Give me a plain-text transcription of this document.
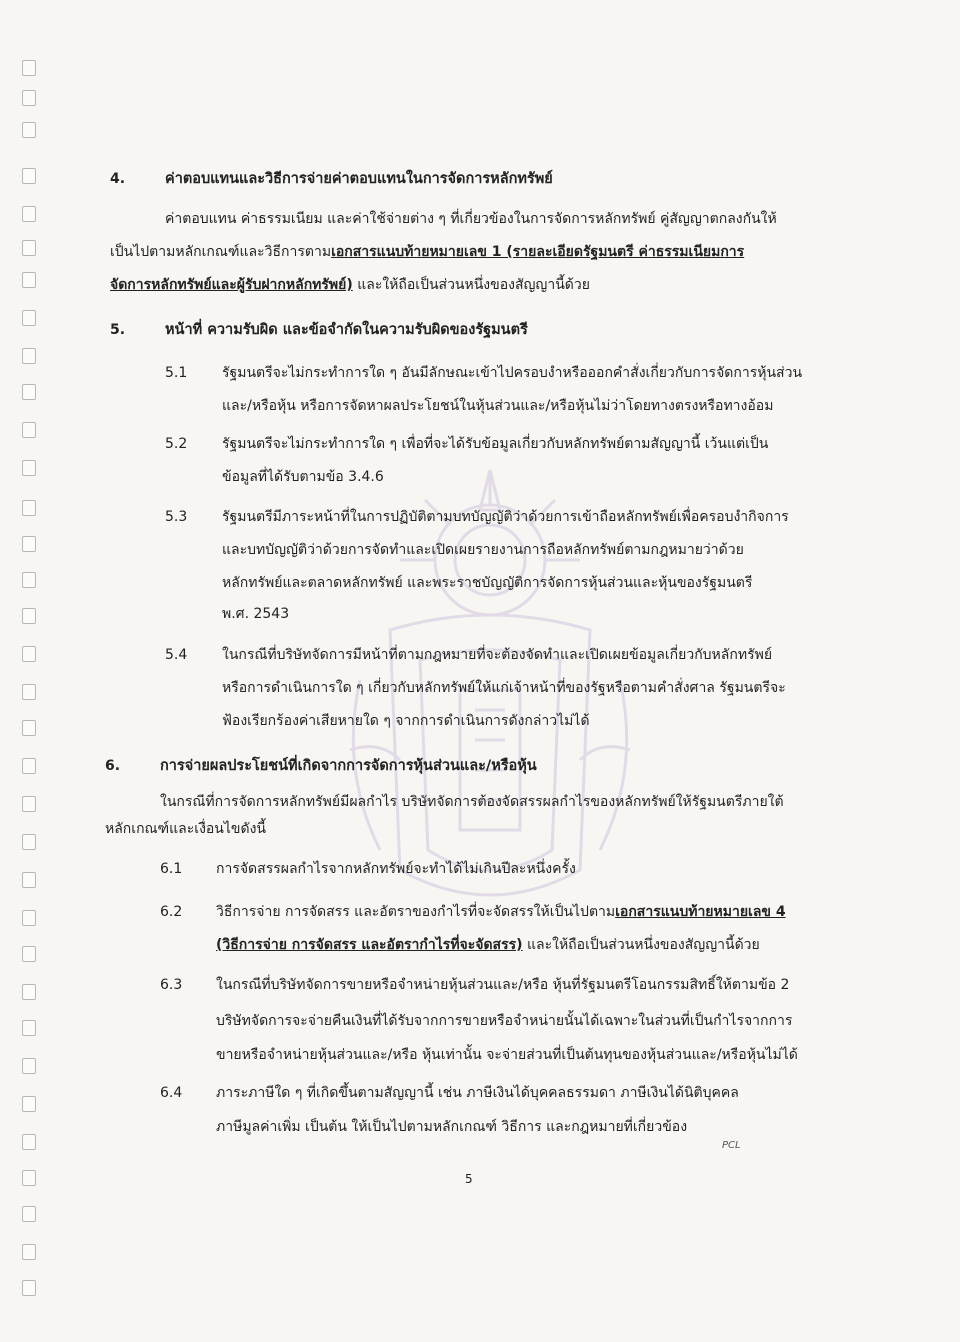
4.	ค่าตอบแทนและวิธีการจ่ายค่าตอบแทนในการจัดการหลักทรัพย์
ค่าตอบแทน ค่าธรรมเนียม และค่าใช้จ่ายต่าง ๆ ที่เกี่ยวข้องในการจัดการหลักทรัพย์ คู่สัญญาตกลงกันให้
เป็นไปตามหลักเกณฑ์และวิธีการตามเอกสารแนบท้ายหมายเลข 1 (รายละเอียดรัฐมนตรี ค่าธรรมเนียมการ
จัดการหลักทรัพย์และผู้รับฝากหลักทรัพย์) และให้ถือเป็นส่วนหนึ่งของสัญญานี้ด้วย
5.	หน้าที่ ความรับผิด และข้อจำกัดในความรับผิดของรัฐมนตรี
5.1 รัฐมนตรีจะไม่กระทำการใด ๆ อันมีลักษณะเข้าไปครอบงำหรือออกคำสั่งเกี่ยวกับการจัดการหุ้นส่วน
และ/หรือหุ้น หรือการจัดหาผลประโยชน์ในหุ้นส่วนและ/หรือหุ้นไม่ว่าโดยทางตรงหรือทางอ้อม
5.2 รัฐมนตรีจะไม่กระทำการใด ๆ เพื่อที่จะได้รับข้อมูลเกี่ยวกับหลักทรัพย์ตามสัญญานี้ เว้นแต่เป็น
ข้อมูลที่ได้รับตามข้อ 3.4.6
5.3 รัฐมนตรีมีภาระหน้าที่ในการปฏิบัติตามบทบัญญัติว่าด้วยการเข้าถือหลักทรัพย์เพื่อครอบงำกิจการ
และบทบัญญัติว่าด้วยการจัดทำและเปิดเผยรายงานการถือหลักทรัพย์ตามกฎหมายว่าด้วย
หลักทรัพย์และตลาดหลักทรัพย์ และพระราชบัญญัติการจัดการหุ้นส่วนและหุ้นของรัฐมนตรี
พ.ศ. 2543
5.4 ในกรณีที่บริษัทจัดการมีหน้าที่ตามกฎหมายที่จะต้องจัดทำและเปิดเผยข้อมูลเกี่ยวกับหลักทรัพย์
หรือการดำเนินการใด ๆ เกี่ยวกับหลักทรัพย์ให้แก่เจ้าหน้าที่ของรัฐหรือตามคำสั่งศาล รัฐมนตรีจะ
ฟ้องเรียกร้องค่าเสียหายใด ๆ จากการดำเนินการดังกล่าวไม่ได้
6.	การจ่ายผลประโยชน์ที่เกิดจากการจัดการหุ้นส่วนและ/หรือหุ้น
ในกรณีที่การจัดการหลักทรัพย์มีผลกำไร บริษัทจัดการต้องจัดสรรผลกำไรของหลักทรัพย์ให้รัฐมนตรีภายใต้
หลักเกณฑ์และเงื่อนไขดังนี้
6.1 การจัดสรรผลกำไรจากหลักทรัพย์จะทำได้ไม่เกินปีละหนึ่งครั้ง
6.2 วิธีการจ่าย การจัดสรร และอัตราของกำไรที่จะจัดสรรให้เป็นไปตามเอกสารแนบท้ายหมายเลข 4
(วิธีการจ่าย การจัดสรร และอัตรากำไรที่จะจัดสรร) และให้ถือเป็นส่วนหนึ่งของสัญญานี้ด้วย
6.3 ในกรณีที่บริษัทจัดการขายหรือจำหน่ายหุ้นส่วนและ/หรือ หุ้นที่รัฐมนตรีโอนกรรมสิทธิ์ให้ตามข้อ 2
บริษัทจัดการจะจ่ายคืนเงินที่ได้รับจากการขายหรือจำหน่ายนั้นได้เฉพาะในส่วนที่เป็นกำไรจากการ
ขายหรือจำหน่ายหุ้นส่วนและ/หรือ หุ้นเท่านั้น จะจ่ายส่วนที่เป็นต้นทุนของหุ้นส่วนและ/หรือหุ้นไม่ได้
6.4 ภาระภาษีใด ๆ ที่เกิดขึ้นตามสัญญานี้ เช่น ภาษีเงินได้บุคคลธรรมดา ภาษีเงินได้นิติบุคคล
ภาษีมูลค่าเพิ่ม เป็นต้น ให้เป็นไปตามหลักเกณฑ์ วิธีการ และกฎหมายที่เกี่ยวข้อง
PCL
5
